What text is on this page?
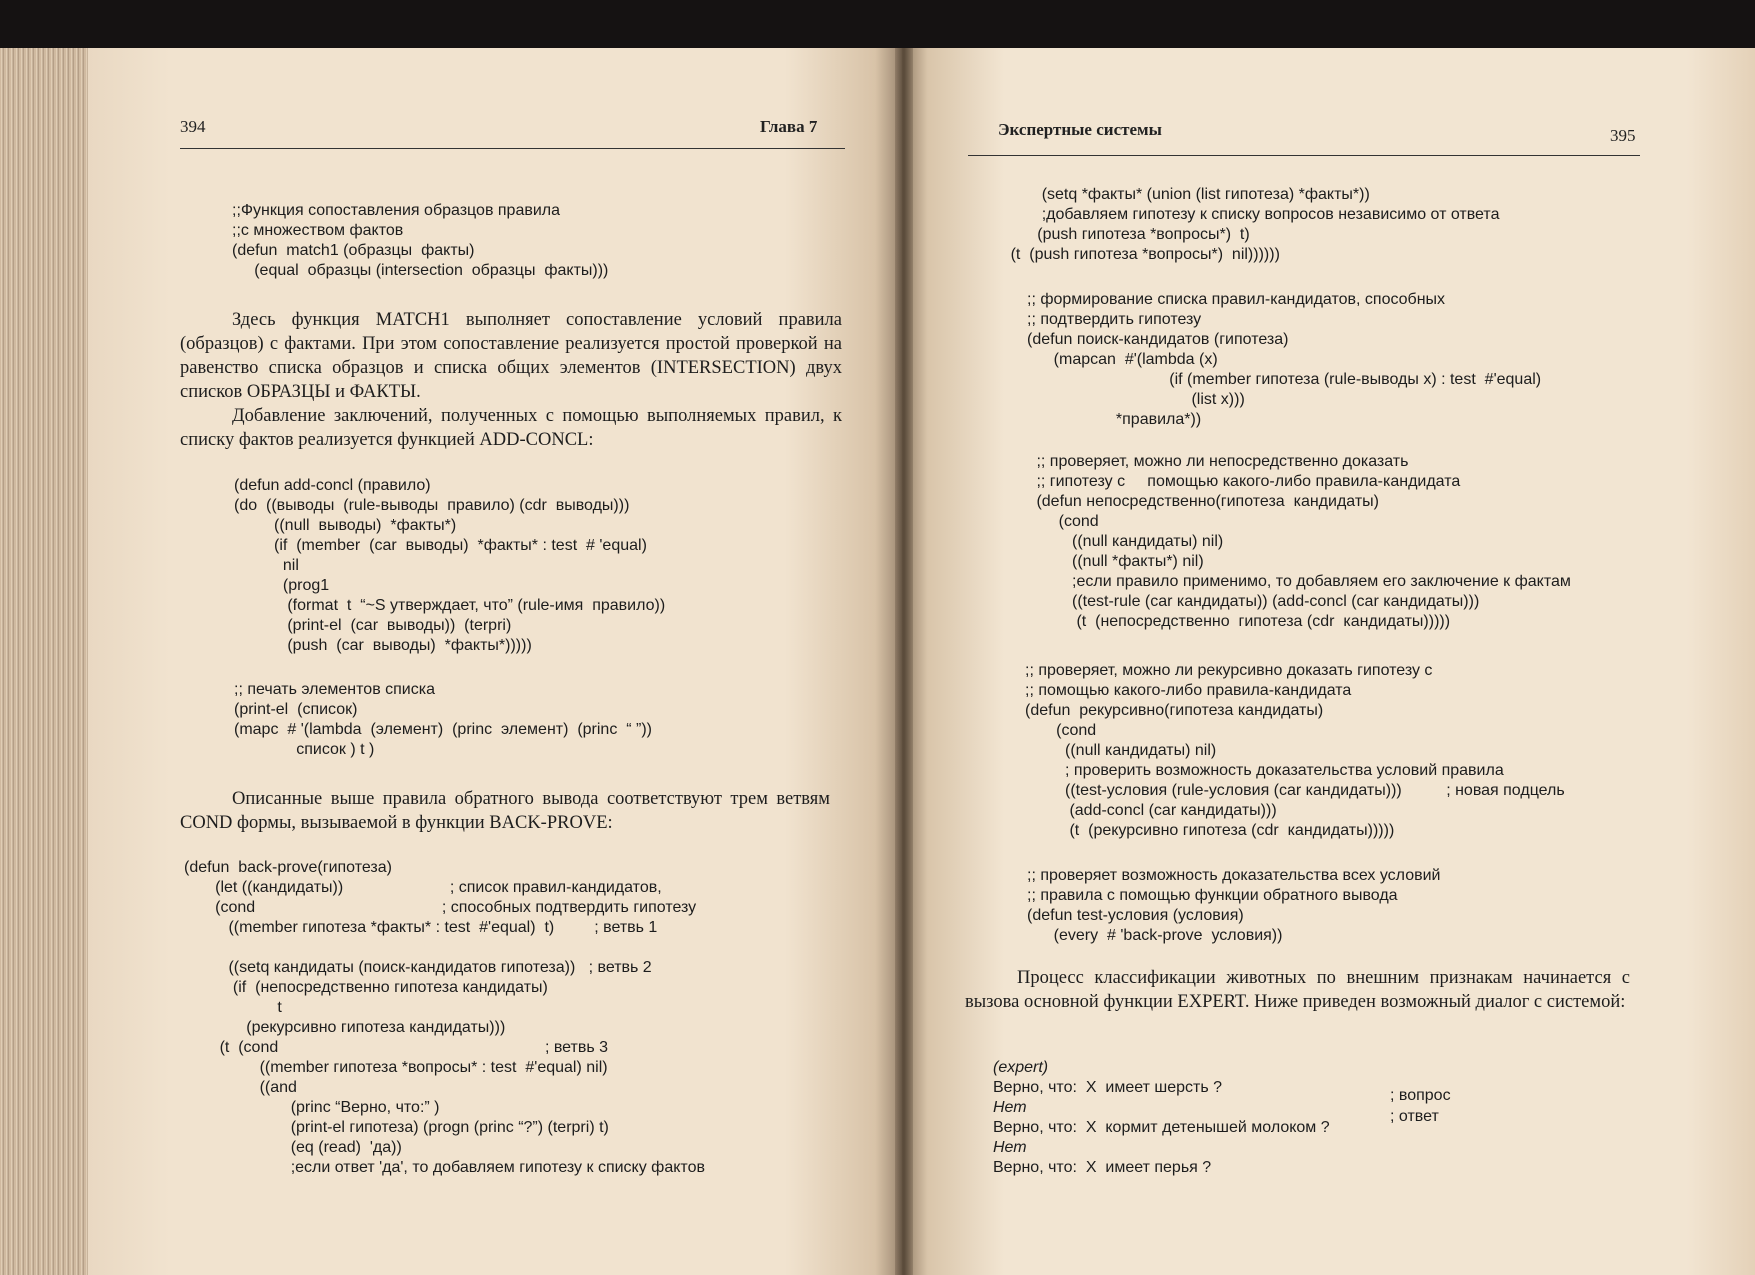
394	Глава 7
;;Функция сопоставления образцов правила
;;с множеством фактов
(defun  match1 (образцы  факты)
(equal  образцы (intersection  образцы  факты)))

Здесь функция MATCH1 выполняет сопоставление условий правила (образцов) с фактами. При этом сопоставление реализуется простой проверкой на равенство списка образцов и списка общих элементов (INTERSECTION) двух списков ОБРАЗЦЫ и ФАКТЫ.

Добавление заключений, полученных с помощью выполняемых правил, к списку фактов реализуется функцией ADD-CONCL:

(defun add-concl (правило)
(do  ((выводы  (rule-выводы  правило) (cdr  выводы)))
((null  выводы)  *факты*)
(if  (member  (car  выводы)  *факты* : test  # 'equal)
nil
(prog1
(format  t  “~S утверждает, что” (rule-имя  правило))
(print-el  (car  выводы))  (terpri)
(push  (car  выводы)  *факты*)))))
;; печать элементов списка
(print-el  (список)
(mapc  # '(lambda  (элемент)  (princ  элемент)  (princ  “ ”))
список ) t )

Описанные выше правила обратного вывода соответствуют трем ветвям COND формы, вызываемой в функции BACK-PROVE:

(defun  back-prove(гипотеза)
(let ((кандидаты))                        ; список правил-кандидатов,
(cond                                          ; способных подтвердить гипотезу
((member гипотеза *факты* : test  #'equal)  t)         ; ветвь 1
((setq кандидаты (поиск-кандидатов гипотеза))   ; ветвь 2
(if  (непосредственно гипотеза кандидаты)
t
(рекурсивно гипотеза кандидаты)))
(t  (cond                                                            ; ветвь 3
((member гипотеза *вопросы* : test  #'equal) nil)
((and
(princ “Верно, что:” )
(print-el гипотеза) (progn (princ “?”) (terpri) t)
(eq (read)  'да))
;если ответ 'да', то добавляем гипотезу к списку фактов
Экспертные системы	395
(setq *факты* (union (list гипотеза) *факты*))
;добавляем гипотезу к списку вопросов независимо от ответа
(push гипотеза *вопросы*)  t)
(t  (push гипотеза *вопросы*)  nil))))))
;; формирование списка правил-кандидатов, способных
;; подтвердить гипотезу
(defun поиск-кандидатов (гипотеза)
(mapcan  #'(lambda (x)
(if (member гипотеза (rule-выводы x) : test  #'equal)
(list x)))
*правила*))
;; проверяет, можно ли непосредственно доказать
;; гипотезу с     помощью какого-либо правила-кандидата
(defun непосредственно(гипотеза  кандидаты)
(cond
((null кандидаты) nil)
((null *факты*) nil)
;если правило применимо, то добавляем его заключение к фактам
((test-rule (car кандидаты)) (add-concl (car кандидаты)))
(t  (непосредственно  гипотеза (cdr  кандидаты)))))
;; проверяет, можно ли рекурсивно доказать гипотезу с
;; помощью какого-либо правила-кандидата
(defun  рекурсивно(гипотеза кандидаты)
(cond
((null кандидаты) nil)
; проверить возможность доказательства условий правила
((test-условия (rule-условия (car кандидаты)))          ; новая подцель
(add-concl (car кандидаты)))
(t  (рекурсивно гипотеза (cdr  кандидаты)))))
;; проверяет возможность доказательства всех условий
;; правила с помощью функции обратного вывода
(defun test-условия (условия)
(every  # 'back-prove  условия))

Процесс классификации животных по внешним признакам начинается с вызова основной функции EXPERT. Ниже приведен возможный диалог с системой:

(expert)
Верно, что:  X  имеет шерсть ?
Нет
Верно, что:  X  кормит детенышей молоком ?
Нет
Верно, что:  X  имеет перья ?
; вопрос
; ответ
